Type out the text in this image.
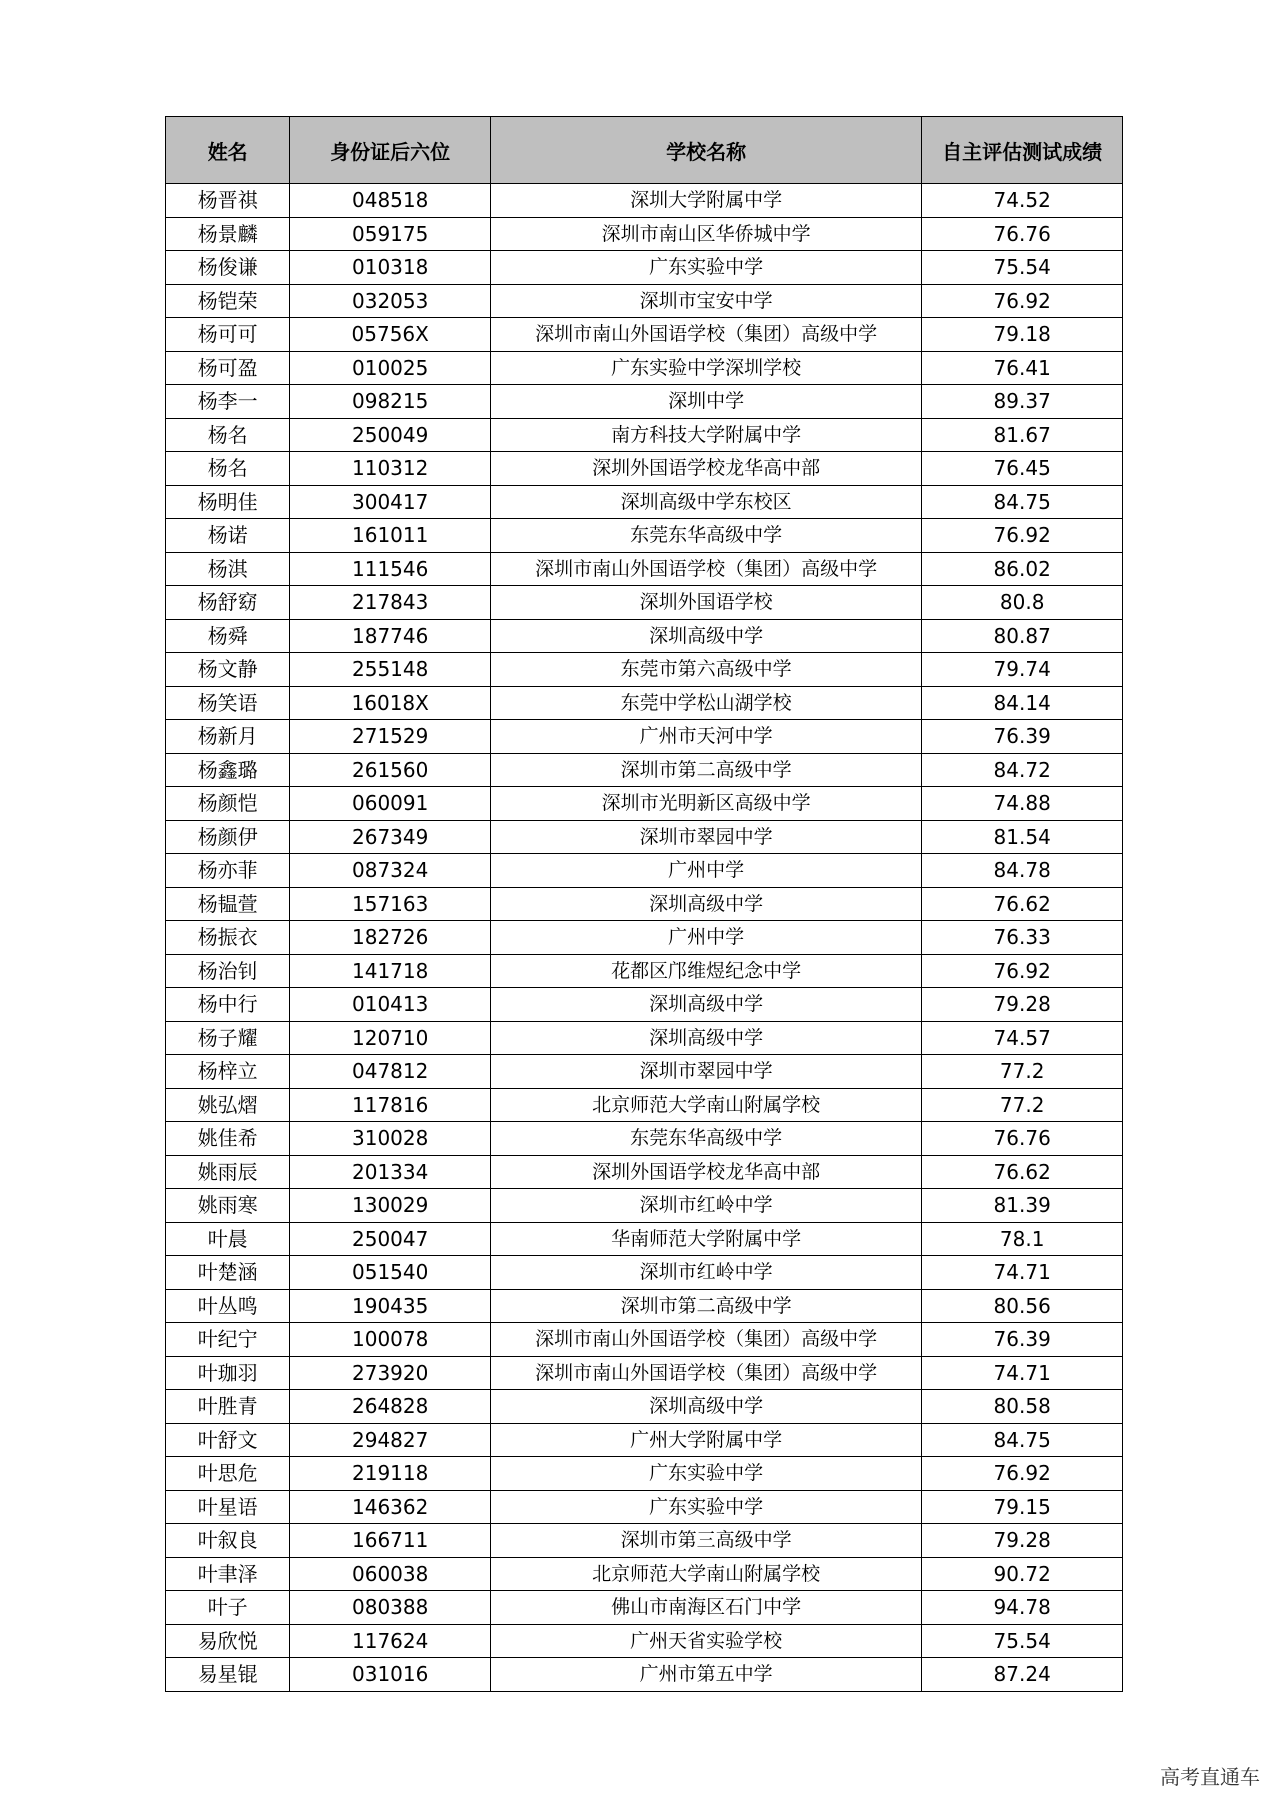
姓名	身份证后六位	学校名称	自主评估测试成绩
杨晋祺	048518	深圳大学附属中学	74.52
杨景麟	059175	深圳市南山区华侨城中学	76.76
杨俊谦	010318	广东实验中学	75.54
杨铠荣	032053	深圳市宝安中学	76.92
杨可可	05756X	深圳市南山外国语学校（集团）高级中学	79.18
杨可盈	010025	广东实验中学深圳学校	76.41
杨李一	098215	深圳中学	89.37
杨名	250049	南方科技大学附属中学	81.67
杨名	110312	深圳外国语学校龙华高中部	76.45
杨明佳	300417	深圳高级中学东校区	84.75
杨诺	161011	东莞东华高级中学	76.92
杨淇	111546	深圳市南山外国语学校（集团）高级中学	86.02
杨舒窈	217843	深圳外国语学校	80.8
杨舜	187746	深圳高级中学	80.87
杨文静	255148	东莞市第六高级中学	79.74
杨笑语	16018X	东莞中学松山湖学校	84.14
杨新月	271529	广州市天河中学	76.39
杨鑫璐	261560	深圳市第二高级中学	84.72
杨颜恺	060091	深圳市光明新区高级中学	74.88
杨颜伊	267349	深圳市翠园中学	81.54
杨亦菲	087324	广州中学	84.78
杨韫萱	157163	深圳高级中学	76.62
杨振衣	182726	广州中学	76.33
杨治钊	141718	花都区邝维煜纪念中学	76.92
杨中行	010413	深圳高级中学	79.28
杨子耀	120710	深圳高级中学	74.57
杨梓立	047812	深圳市翠园中学	77.2
姚弘熠	117816	北京师范大学南山附属学校	77.2
姚佳希	310028	东莞东华高级中学	76.76
姚雨辰	201334	深圳外国语学校龙华高中部	76.62
姚雨寒	130029	深圳市红岭中学	81.39
叶晨	250047	华南师范大学附属中学	78.1
叶楚涵	051540	深圳市红岭中学	74.71
叶丛鸣	190435	深圳市第二高级中学	80.56
叶纪宁	100078	深圳市南山外国语学校（集团）高级中学	76.39
叶珈羽	273920	深圳市南山外国语学校（集团）高级中学	74.71
叶胜青	264828	深圳高级中学	80.58
叶舒文	294827	广州大学附属中学	84.75
叶思危	219118	广东实验中学	76.92
叶星语	146362	广东实验中学	79.15
叶叙良	166711	深圳市第三高级中学	79.28
叶聿泽	060038	北京师范大学南山附属学校	90.72
叶子	080388	佛山市南海区石门中学	94.78
易欣悦	117624	广州天省实验学校	75.54
易星锟	031016	广州市第五中学	87.24
高考直通车
